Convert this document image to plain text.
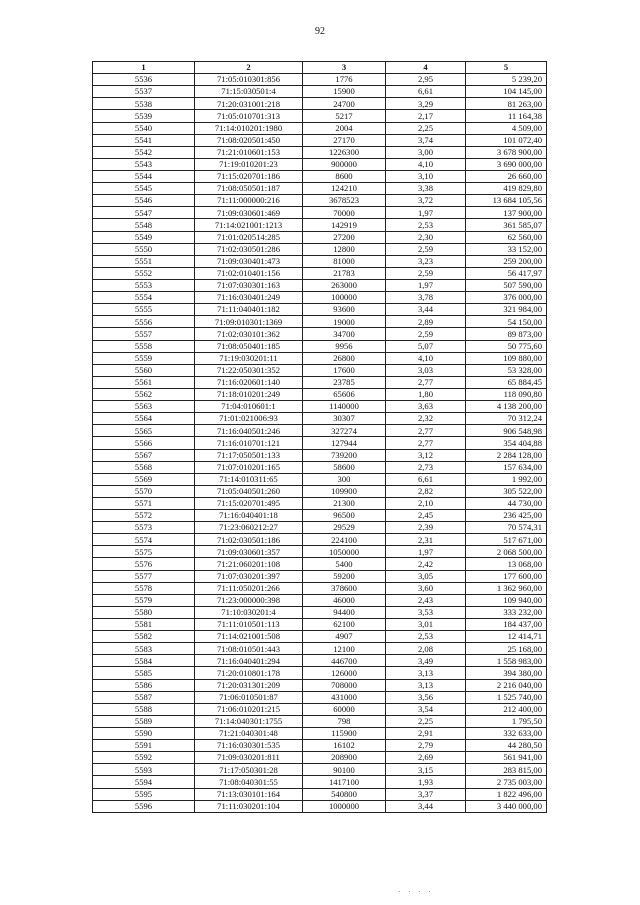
92
1	2	3	4	5
5536	71:05:010301:856	1776	2,95	5 239,20
5537	71:15:030501:4	15900	6,61	104 145,00
5538	71:20:031001:218	24700	3,29	81 263,00
5539	71:05:010701:313	5217	2,17	11 164,38
5540	71:14:010201:1980	2004	2,25	4 509,00
5541	71:08:020501:450	27170	3,74	101 072,40
5542	71:21:010601:153	1226300	3,00	3 678 900,00
5543	71:19:010201:23	900000	4,10	3 690 000,00
5544	71:15:020701:186	8600	3,10	26 660,00
5545	71:08:050501:187	124210	3,38	419 829,80
5546	71:11:000000:216	3678523	3,72	13 684 105,56
5547	71:09:030601:469	70000	1,97	137 900,00
5548	71:14:021001:1213	142919	2,53	361 585,07
5549	71:01:020514:285	27200	2,30	62 560,00
5550	71:02:030501:286	12800	2,59	33 152,00
5551	71:09:030401:473	81000	3,23	259 200,00
5552	71:02:010401:156	21783	2,59	56 417,97
5553	71:07:030301:163	263000	1,97	507 590,00
5554	71:16:030401:249	100000	3,78	376 000,00
5555	71:11:040401:182	93600	3,44	321 984,00
5556	71:09:010301:1369	19000	2,89	54 150,00
5557	71:02:030101:362	34700	2,59	89 873,00
5558	71:08:050401:185	9956	5,07	50 775,60
5559	71:19:030201:11	26800	4,10	109 880,00
5560	71:22:050301:352	17600	3,03	53 328,00
5561	71:16:020601:140	23785	2,77	65 884,45
5562	71:18:010201:249	65606	1,80	118 090,80
5563	71:04:010601:1	1140000	3,63	4 138 200,00
5564	71:01:021006:93	30307	2,32	70 312,24
5565	71:16:040501:246	327274	2,77	906 548,98
5566	71:16:010701:121	127944	2,77	354 404,88
5567	71:17:050501:133	739200	3,12	2 284 128,00
5568	71:07:010201:165	58600	2,73	157 634,00
5569	71:14:010311:65	300	6,61	1 992,00
5570	71:05:040501:260	109900	2,82	305 522,00
5571	71:15:020701:495	21300	2,10	44 730,00
5572	71:16:040401:18	96500	2,45	236 425,00
5573	71:23:060212:27	29529	2,39	70 574,31
5574	71:02:030501:186	224100	2,31	517 671,00
5575	71:09:030601:357	1050000	1,97	2 068 500,00
5576	71:21:060201:108	5400	2,42	13 068,00
5577	71:07:030201:397	59200	3,05	177 600,00
5578	71:11:050201:266	378600	3,60	1 362 960,00
5579	71:23:000000:398	46000	2,43	109 940,00
5580	71:10:030201:4	94400	3,53	333 232,00
5581	71:11:010501:113	62100	3,01	184 437,00
5582	71:14:021001:508	4907	2,53	12 414,71
5583	71:08:010501:443	12100	2,08	25 168,00
5584	71:16:040401:294	446700	3,49	1 558 983,00
5585	71:20:010801:178	126000	3,13	394 380,00
5586	71:20:031301:209	708000	3,13	2 216 040,00
5587	71:06:010501:87	431000	3,56	1 525 740,00
5588	71:06:010201:215	60000	3,54	212 400,00
5589	71:14:040301:1755	798	2,25	1 795,50
5590	71:21:040301:48	115900	2,91	332 633,00
5591	71:16:030301:535	16102	2,79	44 280,50
5592	71:09:030201:811	208900	2,69	561 941,00
5593	71:17:050301:28	90100	3,15	283 815,00
5594	71:08:040301:55	1417100	1,93	2 735 003,00
5595	71:13:030101:164	540800	3,37	1 822 496,00
5596	71:11:030201:104	1000000	3,44	3 440 000,00
· · · ·
